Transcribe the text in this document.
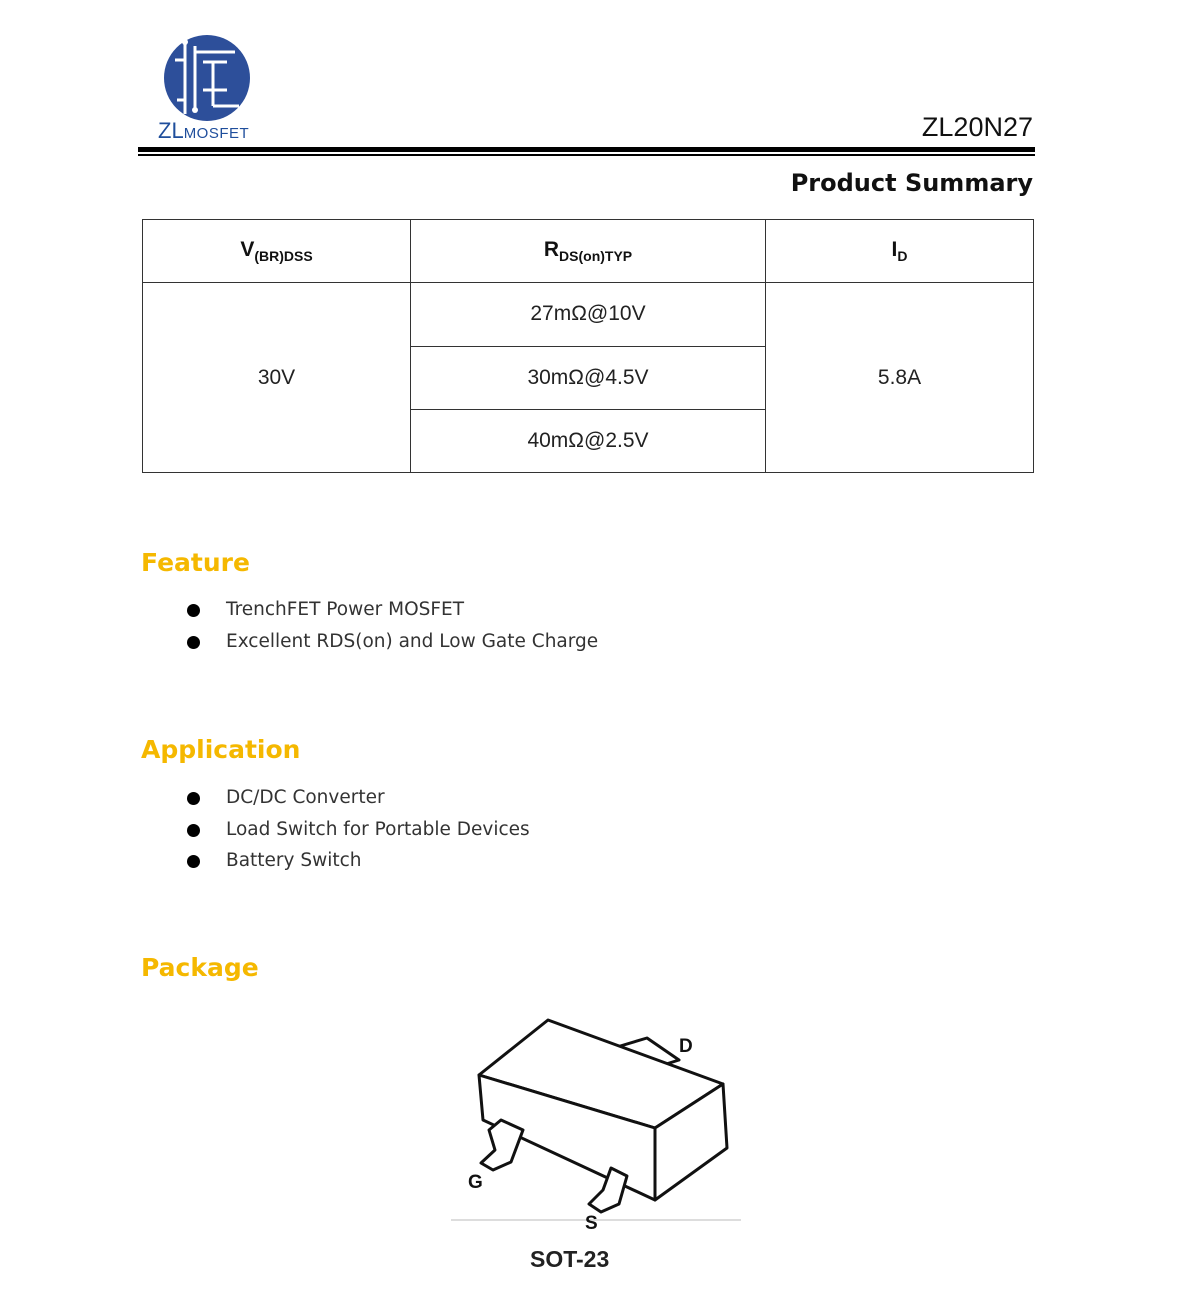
ZLMOSFET	ZL20N27
Product Summary
$V_{(BR)DSS}$	$R_{DS(on)TYP}$	$I_D$
30V	27mΩ@10V	5.8A
	30mΩ@4.5V	
	40mΩ@2.5V	
Feature
TrenchFET Power MOSFET
Excellent RDS(on) and Low Gate Charge
Application
DC/DC Converter
Load Switch for Portable Devices
Battery Switch
Package
D
G
S
SOT-23
